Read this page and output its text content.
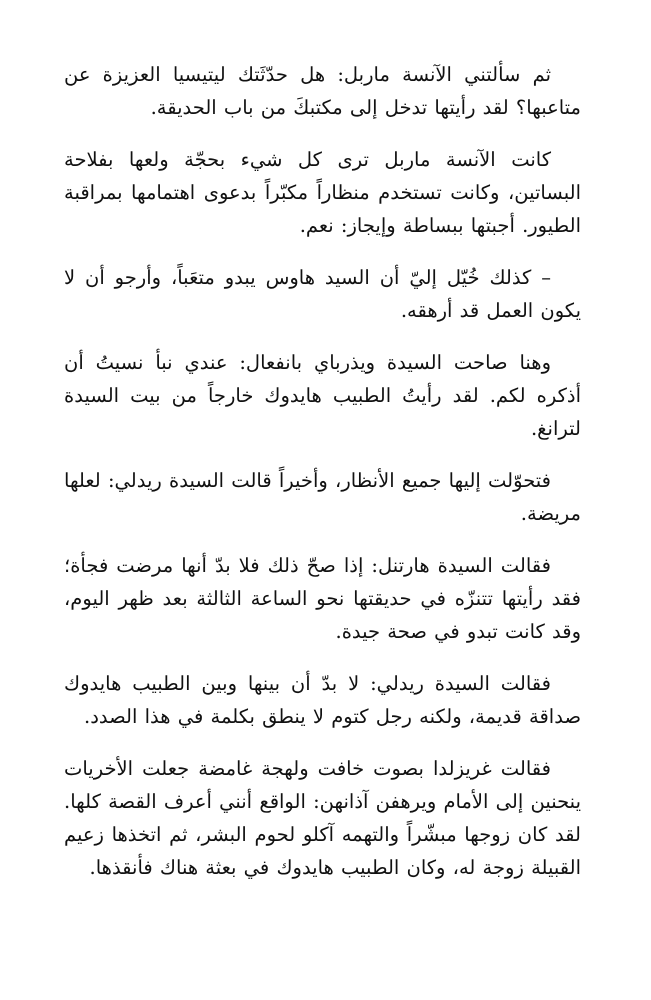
ثم سألتني الآنسة ماربل: هل حدّثَتك ليتيسيا العزيزة عن متاعبها؟ لقد رأيتها تدخل إلى مكتبكَ من باب الحديقة.

كانت الآنسة ماربل ترى كل شيء بحجّة ولعها بفلاحة البساتين، وكانت تستخدم منظاراً مكبّراً بدعوى اهتمامها بمراقبة الطيور. أجبتها ببساطة وإيجاز: نعم.

– كذلك خُيّل إليّ أن السيد هاوس يبدو متعَباً، وأرجو أن لا يكون العمل قد أرهقه.

وهنا صاحت السيدة ويذرباي بانفعال: عندي نبأ نسيتُ أن أذكره لكم. لقد رأيتُ الطبيب هايدوك خارجاً من بيت السيدة لترانغ.

فتحوّلت إليها جميع الأنظار، وأخيراً قالت السيدة ريدلي: لعلها مريضة.

فقالت السيدة هارتنل: إذا صحّ ذلك فلا بدّ أنها مرضت فجأة؛ فقد رأيتها تتنزّه في حديقتها نحو الساعة الثالثة بعد ظهر اليوم، وقد كانت تبدو في صحة جيدة.

فقالت السيدة ريدلي: لا بدّ أن بينها وبين الطبيب هايدوك صداقة قديمة، ولكنه رجل كتوم لا ينطق بكلمة في هذا الصدد.

فقالت غريزلدا بصوت خافت ولهجة غامضة جعلت الأخريات ينحنين إلى الأمام ويرهفن آذانهن: الواقع أنني أعرف القصة كلها. لقد كان زوجها مبشّراً والتهمه آكلو لحوم البشر، ثم اتخذها زعيم القبيلة زوجة له، وكان الطبيب هايدوك في بعثة هناك فأنقذها.
